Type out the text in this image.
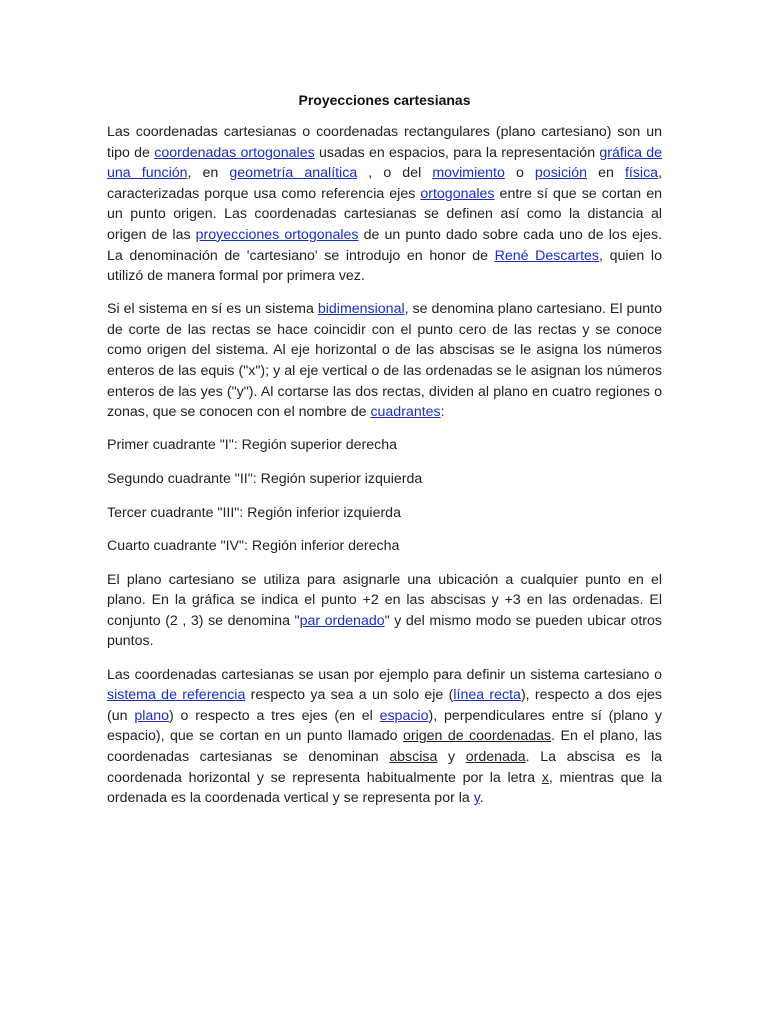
Proyecciones cartesianas

Las coordenadas cartesianas o coordenadas rectangulares (plano cartesiano) son un tipo de coordenadas ortogonales usadas en espacios, para la representación gráfica de una función, en geometría analítica , o del movimiento o posición en física, caracterizadas porque usa como referencia ejes ortogonales entre sí que se cortan en un punto origen. Las coordenadas cartesianas se definen así como la distancia al origen de las proyecciones ortogonales de un punto dado sobre cada uno de los ejes. La denominación de 'cartesiano' se introdujo en honor de René Descartes, quien lo utilizó de manera formal por primera vez.

Si el sistema en sí es un sistema bidimensional, se denomina plano cartesiano. El punto de corte de las rectas se hace coincidir con el punto cero de las rectas y se conoce como origen del sistema. Al eje horizontal o de las abscisas se le asigna los números enteros de las equis ("x"); y al eje vertical o de las ordenadas se le asignan los números enteros de las yes ("y"). Al cortarse las dos rectas, dividen al plano en cuatro regiones o zonas, que se conocen con el nombre de cuadrantes:

Primer cuadrante "I": Región superior derecha

Segundo cuadrante "II": Región superior izquierda

Tercer cuadrante "III": Región inferior izquierda

Cuarto cuadrante "IV": Región inferior derecha

El plano cartesiano se utiliza para asignarle una ubicación a cualquier punto en el plano. En la gráfica se indica el punto +2 en las abscisas y +3 en las ordenadas. El conjunto (2 , 3) se denomina "par ordenado" y del mismo modo se pueden ubicar otros puntos.

Las coordenadas cartesianas se usan por ejemplo para definir un sistema cartesiano o sistema de referencia respecto ya sea a un solo eje (línea recta), respecto a dos ejes (un plano) o respecto a tres ejes (en el espacio), perpendiculares entre sí (plano y espacio), que se cortan en un punto llamado origen de coordenadas. En el plano, las coordenadas cartesianas se denominan abscisa y ordenada. La abscisa es la coordenada horizontal y se representa habitualmente por la letra x, mientras que la ordenada es la coordenada vertical y se representa por la y.
